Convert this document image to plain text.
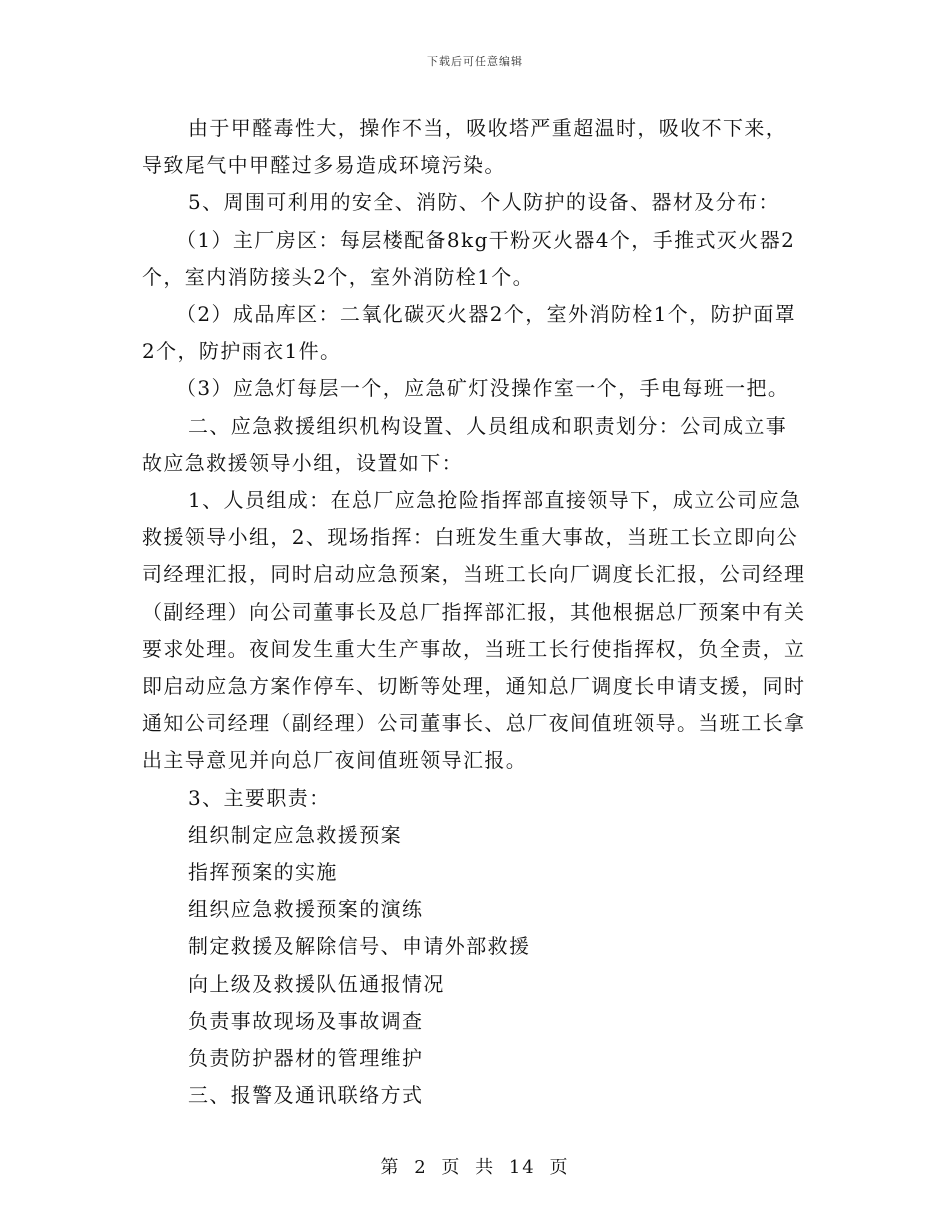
下载后可任意编辑

由于甲醛毒性大，操作不当，吸收塔严重超温时，吸收不下来，导致尾气中甲醛过多易造成环境污染。

5、周围可利用的安全、消防、个人防护的设备、器材及分布：

（1）主厂房区：每层楼配备8kg干粉灭火器4个，手推式灭火器2个，室内消防接头2个，室外消防栓1个。

（2）成品库区：二氧化碳灭火器2个，室外消防栓1个，防护面罩2个，防护雨衣1件。

（3）应急灯每层一个，应急矿灯没操作室一个，手电每班一把。

二、应急救援组织机构设置、人员组成和职责划分：公司成立事故应急救援领导小组，设置如下：

1、人员组成：在总厂应急抢险指挥部直接领导下，成立公司应急救援领导小组，2、现场指挥：白班发生重大事故，当班工长立即向公司经理汇报，同时启动应急预案，当班工长向厂调度长汇报，公司经理（副经理）向公司董事长及总厂指挥部汇报，其他根据总厂预案中有关要求处理。夜间发生重大生产事故，当班工长行使指挥权，负全责，立即启动应急方案作停车、切断等处理，通知总厂调度长申请支援，同时通知公司经理（副经理）公司董事长、总厂夜间值班领导。当班工长拿出主导意见并向总厂夜间值班领导汇报。

3、主要职责：

组织制定应急救援预案

指挥预案的实施

组织应急救援预案的演练

制定救援及解除信号、申请外部救援

向上级及救援队伍通报情况

负责事故现场及事故调查

负责防护器材的管理维护

三、报警及通讯联络方式

第 2 页 共 14 页
